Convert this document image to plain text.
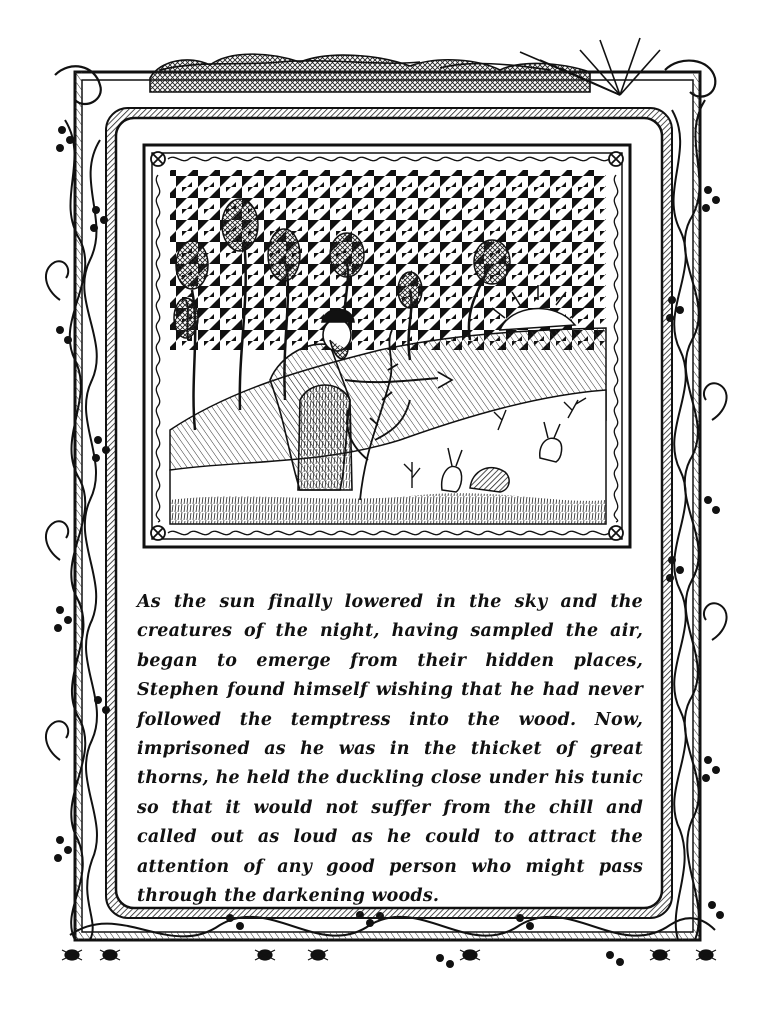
As the sun finally lowered in the sky and the creatures of the night, having sampled the air, began to emerge from their hidden places, Stephen found himself wishing that he had never followed the temptress into the wood. Now, imprisoned as he was in the thicket of great thorns, he held the duckling close under his tunic so that it would not suffer from the chill and called out as loud as he could to attract the attention of any good person who might pass through the darkening woods.
